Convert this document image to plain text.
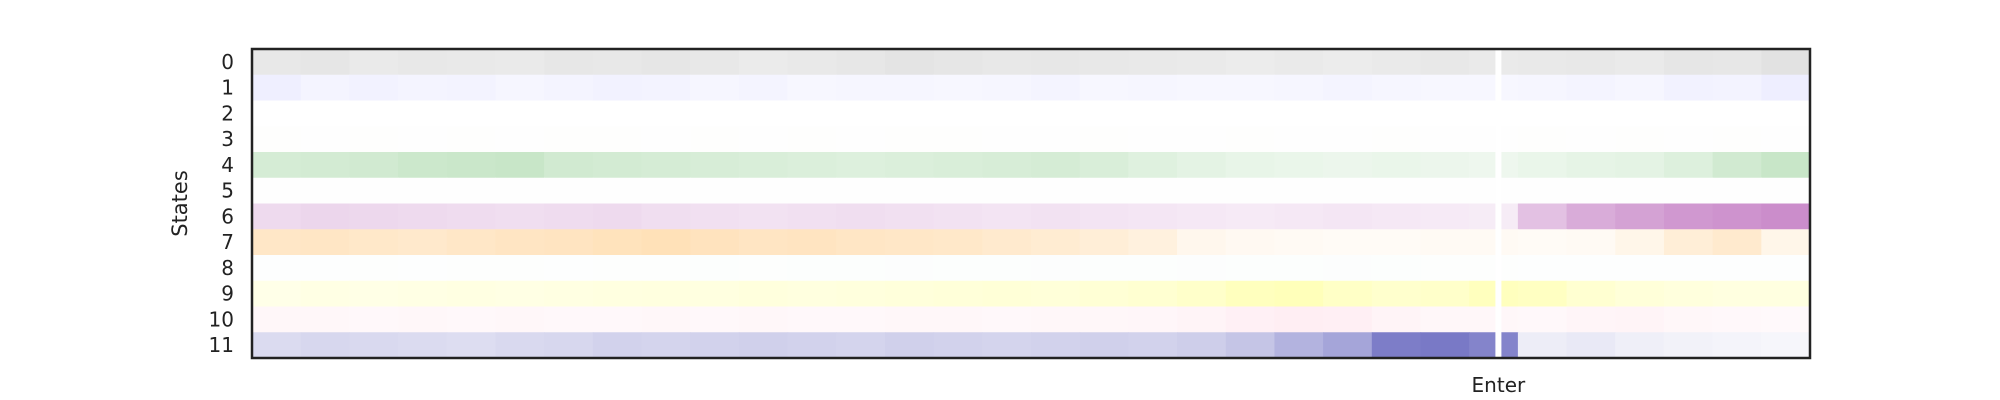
0
1
2
3
4
5
6
7
8
9
10
11
States
Enter
